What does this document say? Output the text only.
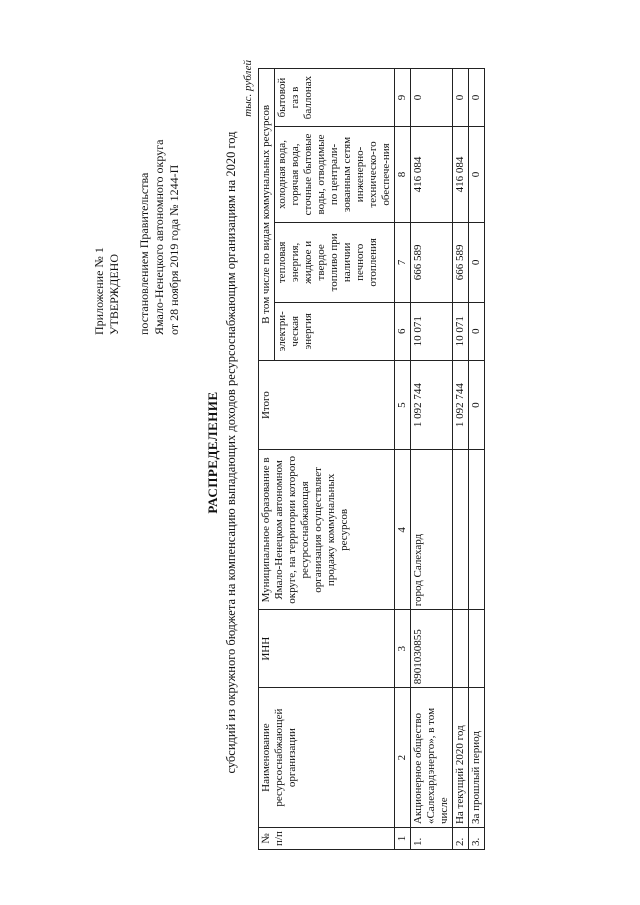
Приложение № 1 УТВЕРЖДЕНО постановлением Правительства Ямало-Ненецкого автономного округа от 28 ноября 2019 года № 1244-П
РАСПРЕДЕЛЕНИЕ субсидий из окружного бюджета на компенсацию выпадающих доходов ресурсоснабжающим организациям на 2020 год
тыс. рублей
№ п/п	Наименование ресурсоснабжающей организации	ИНН	Муниципальное образование в Ямало-Ненецком автономном округе, на территории которого ресурсоснабжающая организация осуществляет продажу коммунальных ресурсов	Итого	В том числе по видам коммунальных ресурсов			
					электри-ческая энергия	тепловая энергия, жидкое и твердое топливо при наличии печного отопления	холодная вода, горячая вода, сточные бытовые воды, отводимые по централи-зованным сетям инженерно-техническо-го обеспече-ния	бытовой газ в баллонах
1	2	3	4	5	6	7	8	9
1.	Акционерное общество «Салехардэнерго», в том числе	8901030855	город Салехард	1 092 744	10 071	666 589	416 084	0
2.	На текущий 2020 год			1 092 744	10 071	666 589	416 084	0
3.	За прошлый период			0	0	0	0	0
